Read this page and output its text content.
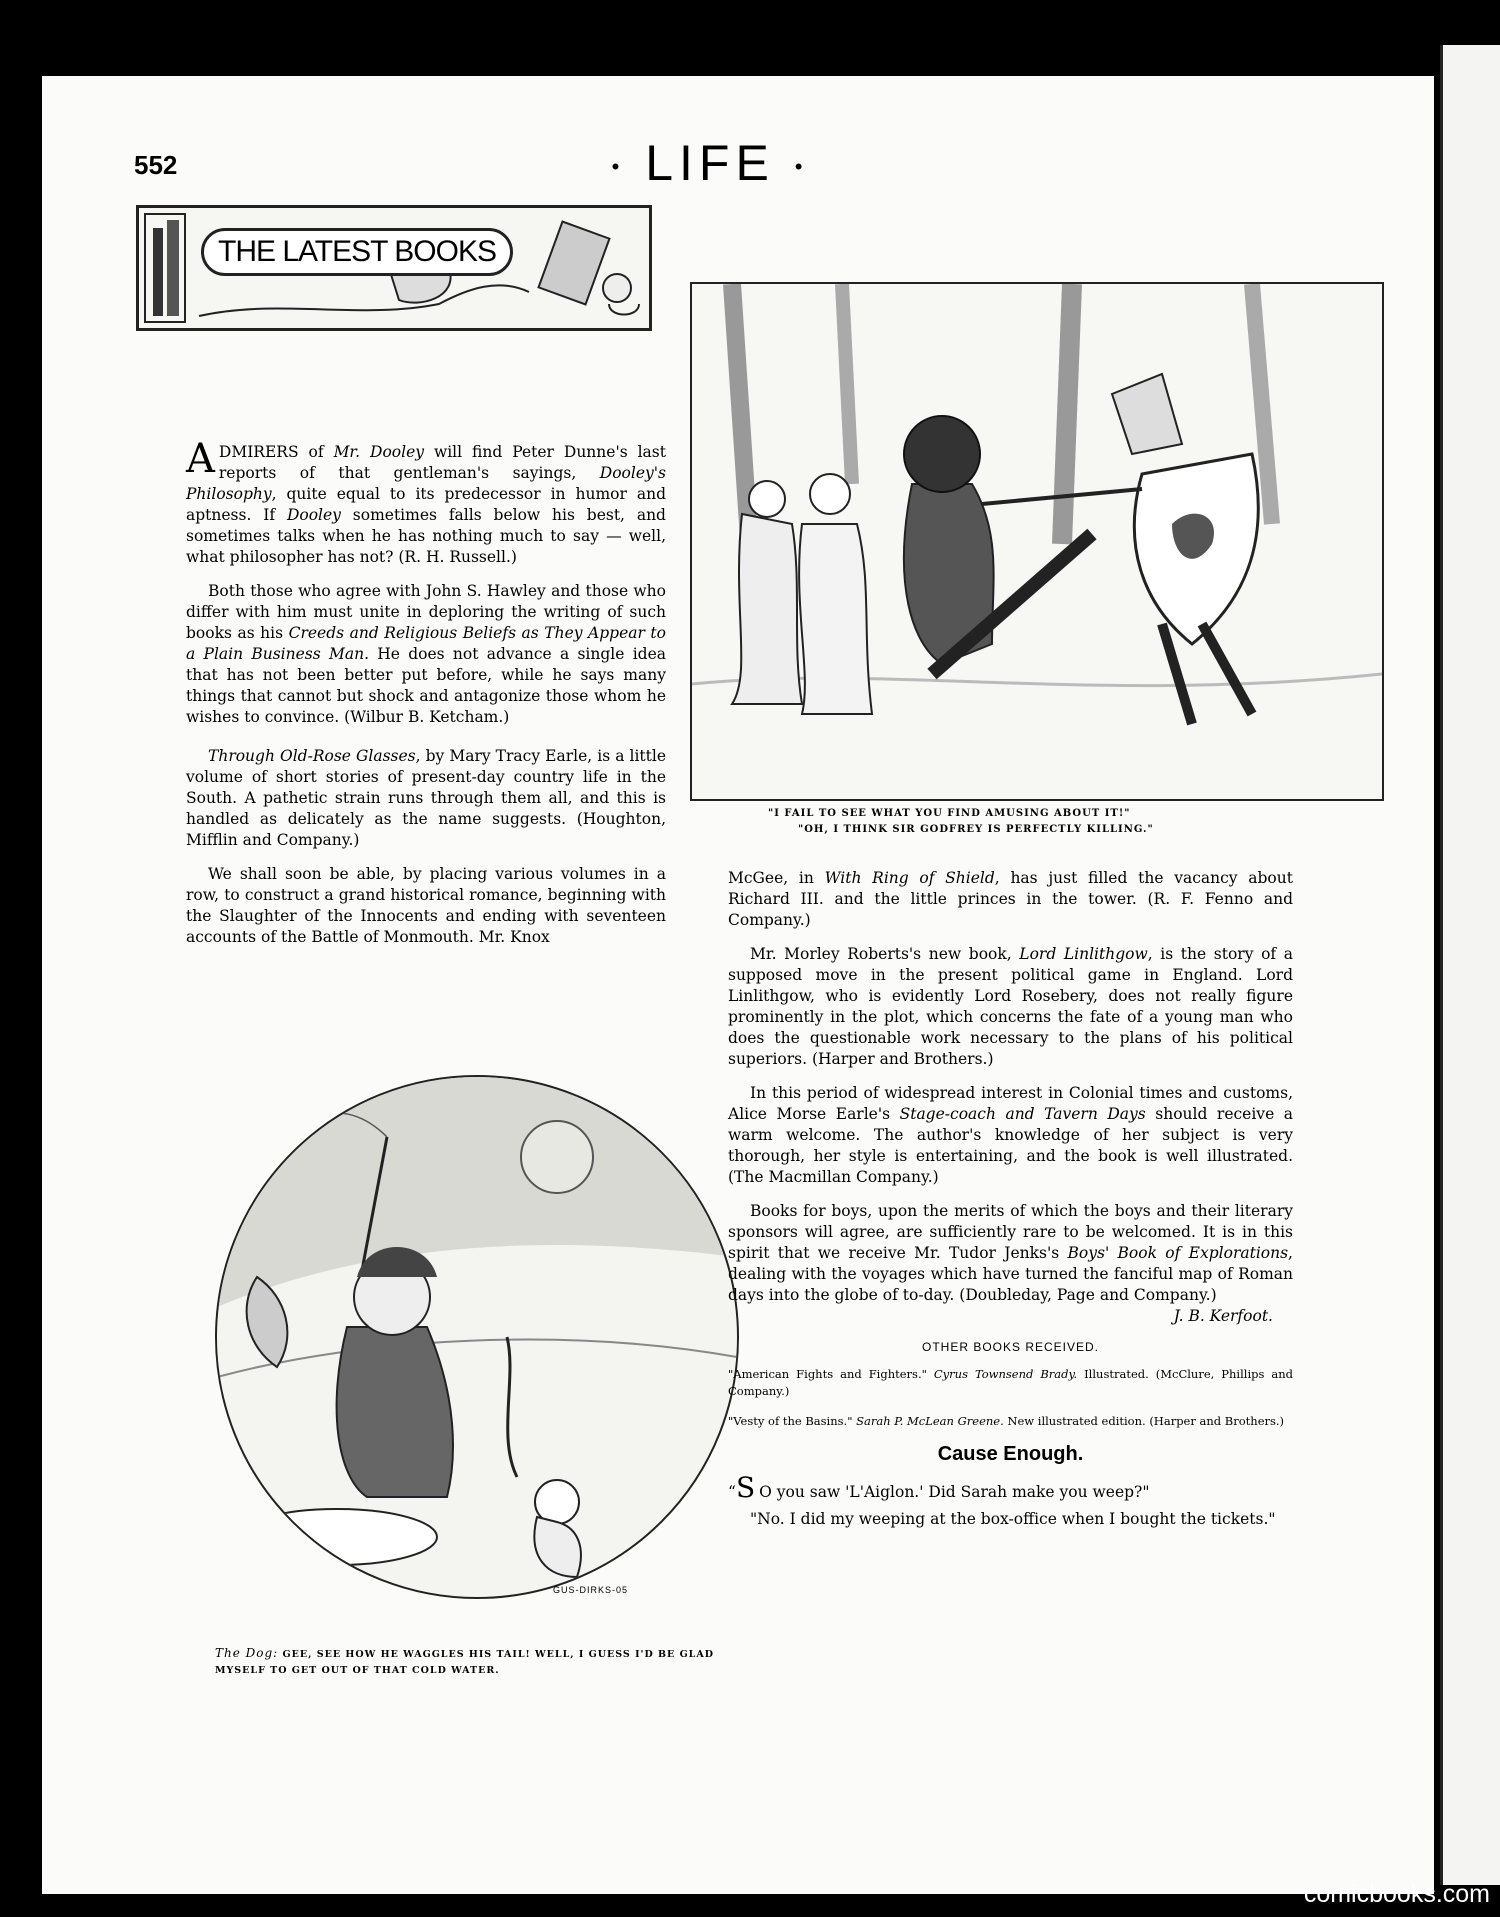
552	• LIFE •
THE LATEST BOOKS

ADMIRERS of Mr. Dooley will find Peter Dunne's last reports of that gentleman's sayings, Dooley's Philosophy, quite equal to its predecessor in humor and aptness. If Dooley sometimes falls below his best, and sometimes talks when he has nothing much to say — well, what philosopher has not? (R. H. Russell.)

Both those who agree with John S. Hawley and those who differ with him must unite in deploring the writing of such books as his Creeds and Religious Beliefs as They Appear to a Plain Business Man. He does not advance a single idea that has not been better put before, while he says many things that cannot but shock and antagonize those whom he wishes to convince. (Wilbur B. Ketcham.)

Through Old-Rose Glasses, by Mary Tracy Earle, is a little volume of short stories of present-day country life in the South. A pathetic strain runs through them all, and this is handled as delicately as the name suggests. (Houghton, Mifflin and Company.)

We shall soon be able, by placing various volumes in a row, to construct a grand historical romance, beginning with the Slaughter of the Innocents and ending with seventeen accounts of the Battle of Monmouth. Mr. Knox

"I FAIL TO SEE WHAT YOU FIND AMUSING ABOUT IT!"
"OH, I THINK SIR GODFREY IS PERFECTLY KILLING."
GUS-DIRKS-05
The Dog: GEE, SEE HOW HE WAGGLES HIS TAIL! WELL, I GUESS I'D BE GLAD MYSELF TO GET OUT OF THAT COLD WATER.

McGee, in With Ring of Shield, has just filled the vacancy about Richard III. and the little princes in the tower. (R. F. Fenno and Company.)

Mr. Morley Roberts's new book, Lord Linlithgow, is the story of a supposed move in the present political game in England. Lord Linlithgow, who is evidently Lord Rosebery, does not really figure prominently in the plot, which concerns the fate of a young man who does the questionable work necessary to the plans of his political superiors. (Harper and Brothers.)

In this period of widespread interest in Colonial times and customs, Alice Morse Earle's Stage-coach and Tavern Days should receive a warm welcome. The author's knowledge of her subject is very thorough, her style is entertaining, and the book is well illustrated. (The Macmillan Company.)

Books for boys, upon the merits of which the boys and their literary sponsors will agree, are sufficiently rare to be welcomed. It is in this spirit that we receive Mr. Tudor Jenks's Boys' Book of Explorations, dealing with the voyages which have turned the fanciful map of Roman days into the globe of to-day. (Doubleday, Page and Company.)

J. B. Kerfoot.
OTHER BOOKS RECEIVED.

"American Fights and Fighters." Cyrus Townsend Brady. Illustrated. (McClure, Phillips and Company.)

"Vesty of the Basins." Sarah P. McLean Greene. New illustrated edition. (Harper and Brothers.)

Cause Enough.

“S O you saw 'L'Aiglon.' Did Sarah make you weep?"

"No. I did my weeping at the box-office when I bought the tickets."

comicbooks.com
